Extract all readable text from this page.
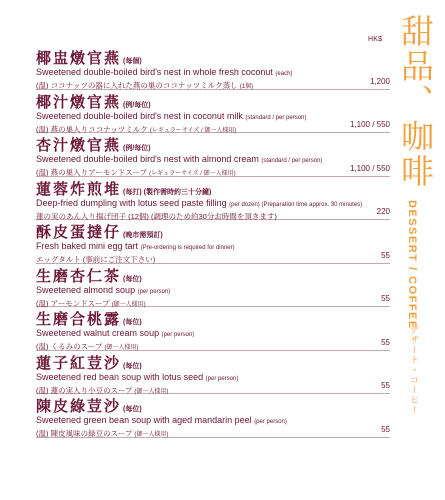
HK$
椰盅燉官燕 (每個)
Sweetened double-boiled bird's nest in whole fresh coconut (each)
(温) ココナッツの器に入れた燕の巣のココナッツミルク蒸し (1個)
1,200
椰汁燉官燕 (例/每位)
Sweetened double-boiled bird's nest in coconut milk (standard / per person)
(温) 燕の巣入りココナッツミルク (レギュラーサイズ / 御一人様用)
1,100 / 550
杏汁燉官燕 (例/每位)
Sweetened double-boiled bird's nest with almond cream (standard / per person)
(温) 燕の巣入りアーモンドスープ (レギュラーサイズ / 御一人様用)
1,100 / 550
蓮蓉炸煎堆 (每打) (製作需時約三十分鐘)
Deep-fried dumpling with lotus seed paste filling (per dozen) (Preparation time approx. 30 minutes)
蓮の実のあん入り揚げ団子 (12個) (調理のため約30分お時間を頂きます)	220
酥皮蛋撻仔 (晚市需預訂)
Fresh baked mini egg tart (Pre-ordering is required for dinner)
エッグタルト (事前にご注文下さい)	55
生磨杏仁茶 (每位)
Sweetened almond soup (per person)
(温) アーモンドスープ (御一人様用)
55
生磨合桃露 (每位)
Sweetened walnut cream soup (per person)
(温) くるみのスープ (御一人様用)
55
蓮子紅荳沙 (每位)
Sweetened red bean soup with lotus seed (per person)
(温) 蓮の実入り小豆のスープ (御一人様用)
55
陳皮綠荳沙 (每位)
Sweetened green bean soup with aged mandarin peel (per person)
(温) 陳皮風味の緑豆のスープ (御一人様用)
55
甜品、咖啡
DESSERT / COFFEE
デザート・コーヒー
